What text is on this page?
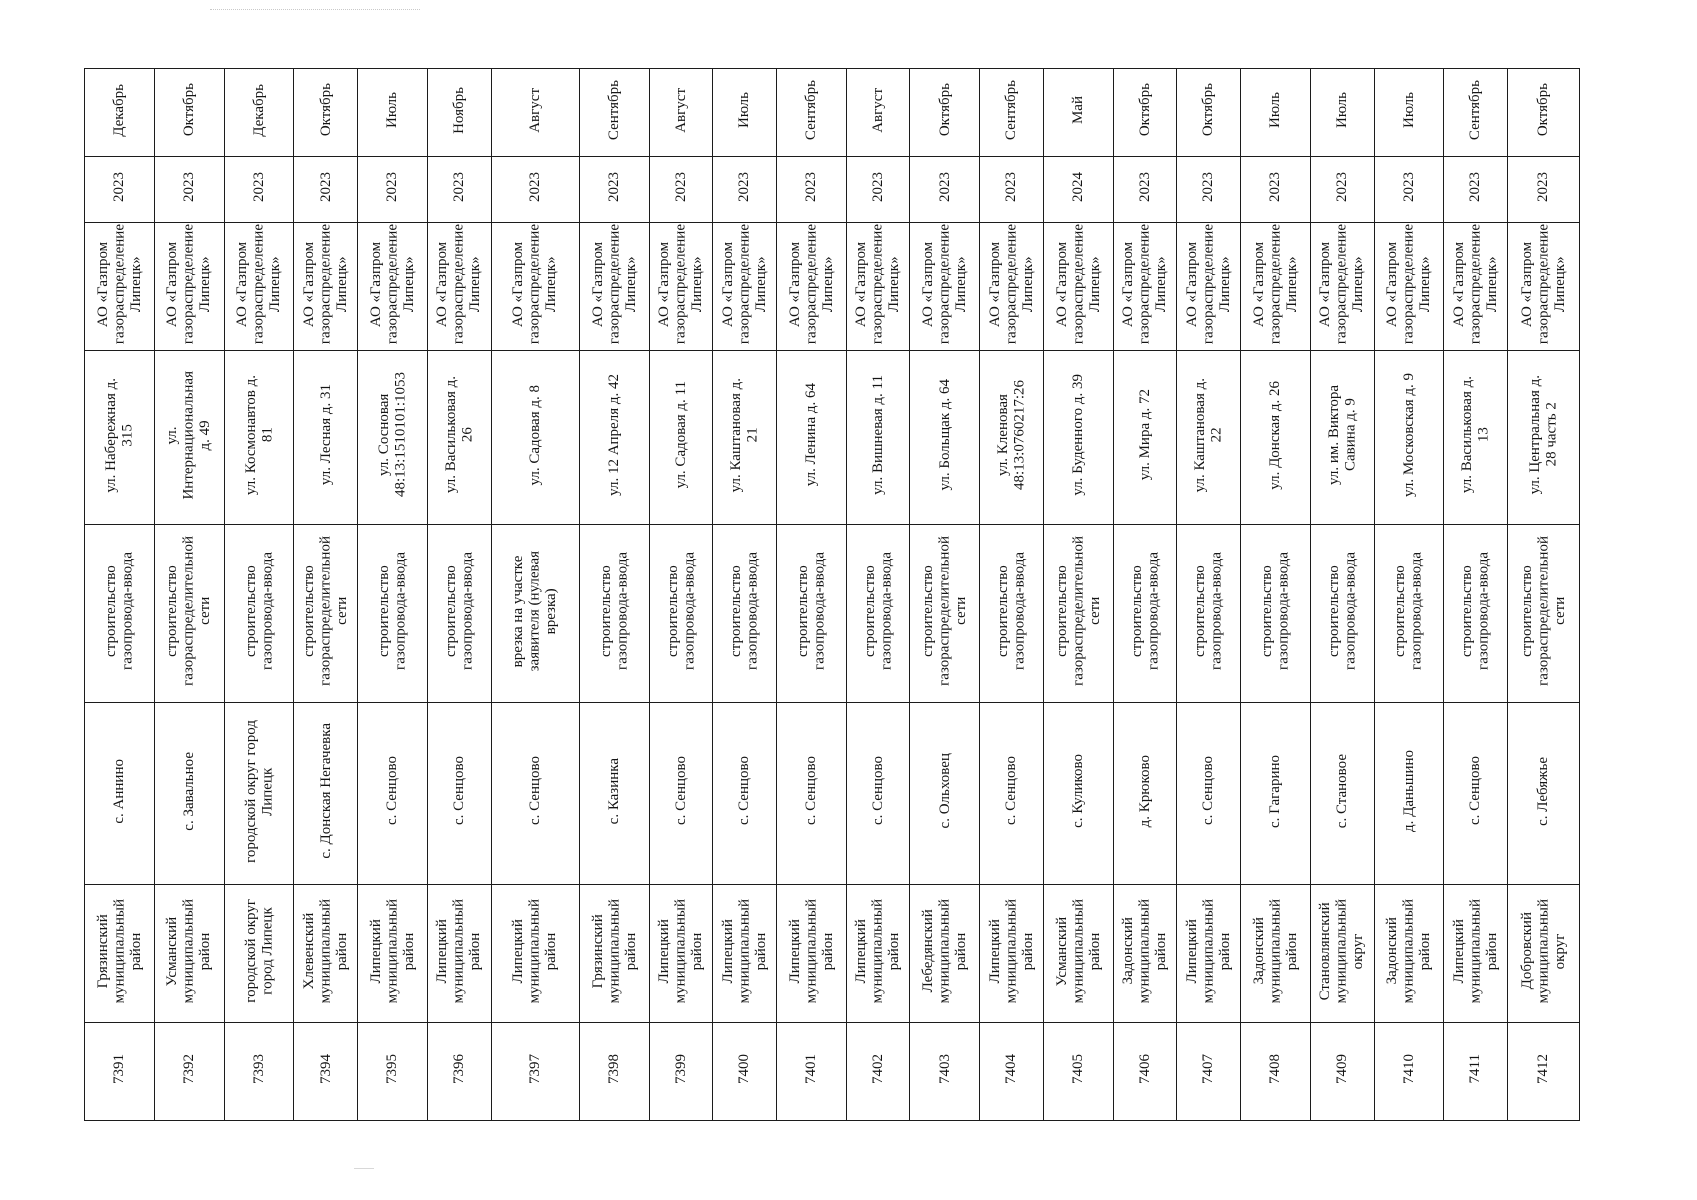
Декабрь	Октябрь	Декабрь	Октябрь	Июль	Ноябрь	Август	Сентябрь	Август	Июль	Сентябрь	Август	Октябрь	Сентябрь	Май	Октябрь	Октябрь	Июль	Июль	Июль	Сентябрь	Октябрь
2023	2023	2023	2023	2023	2023	2023	2023	2023	2023	2023	2023	2023	2023	2024	2023	2023	2023	2023	2023	2023	2023
АО «Газпром
газораспределение
Липецк»	АО «Газпром
газораспределение
Липецк»	АО «Газпром
газораспределение
Липецк»	АО «Газпром
газораспределение
Липецк»	АО «Газпром
газораспределение
Липецк»	АО «Газпром
газораспределение
Липецк»	АО «Газпром
газораспределение
Липецк»	АО «Газпром
газораспределение
Липецк»	АО «Газпром
газораспределение
Липецк»	АО «Газпром
газораспределение
Липецк»	АО «Газпром
газораспределение
Липецк»	АО «Газпром
газораспределение
Липецк»	АО «Газпром
газораспределение
Липецк»	АО «Газпром
газораспределение
Липецк»	АО «Газпром
газораспределение
Липецк»	АО «Газпром
газораспределение
Липецк»	АО «Газпром
газораспределение
Липецк»	АО «Газпром
газораспределение
Липецк»	АО «Газпром
газораспределение
Липецк»	АО «Газпром
газораспределение
Липецк»	АО «Газпром
газораспределение
Липецк»	АО «Газпром
газораспределение
Липецк»
ул. Набережная д.
315	ул.
Интернациональная
д. 49	ул. Космонавтов д.
81	ул. Лесная д. 31	ул. Сосновая
48:13:1510101:1053	ул. Васильковая д.
26	ул. Садовая д. 8	ул. 12 Апреля д. 42	ул. Садовая д. 11	ул. Каштановая д.
21	ул. Ленина д. 64	ул. Вишневая д. 11	ул. Больщак д. 64	ул. Кленовая
48:13:0760217:26	ул. Буденного д. 39	ул. Мира д. 72	ул. Каштановая д.
22	ул. Донская д. 26	ул. им. Виктора
Савина д. 9	ул. Московская д. 9	ул. Васильковая д.
13	ул. Центральная д.
28 часть 2
строительство
газопровода-ввода	строительство
газораспределительной
сети	строительство
газопровода-ввода	строительство
газораспределительной
сети	строительство
газопровода-ввода	строительство
газопровода-ввода	врезка на участке
заявителя (нулевая
врезка)	строительство
газопровода-ввода	строительство
газопровода-ввода	строительство
газопровода-ввода	строительство
газопровода-ввода	строительство
газопровода-ввода	строительство
газораспределительной
сети	строительство
газопровода-ввода	строительство
газораспределительной
сети	строительство
газопровода-ввода	строительство
газопровода-ввода	строительство
газопровода-ввода	строительство
газопровода-ввода	строительство
газопровода-ввода	строительство
газопровода-ввода	строительство
газораспределительной
сети
с. Аннино	с. Завальное	городской округ город
Липецк	с. Донская Негачевка	с. Сенцово	с. Сенцово	с. Сенцово	с. Казинка	с. Сенцово	с. Сенцово	с. Сенцово	с. Сенцово	с. Ольховец	с. Сенцово	с. Куликово	д. Крюково	с. Сенцово	с. Гагарино	с. Становое	д. Даньшино	с. Сенцово	с. Лебяжье
Грязинский
муниципальный
район	Усманский
муниципальный
район	городской округ
город Липецк	Хлевенский
муниципальный
район	Липецкий
муниципальный
район	Липецкий
муниципальный
район	Липецкий
муниципальный
район	Грязинский
муниципальный
район	Липецкий
муниципальный
район	Липецкий
муниципальный
район	Липецкий
муниципальный
район	Липецкий
муниципальный
район	Лебедянский
муниципальный
район	Липецкий
муниципальный
район	Усманский
муниципальный
район	Задонский
муниципальный
район	Липецкий
муниципальный
район	Задонский
муниципальный
район	Становлянский
муниципальный
округ	Задонский
муниципальный
район	Липецкий
муниципальный
район	Добровский
муниципальный
округ
7391	7392	7393	7394	7395	7396	7397	7398	7399	7400	7401	7402	7403	7404	7405	7406	7407	7408	7409	7410	7411	7412
